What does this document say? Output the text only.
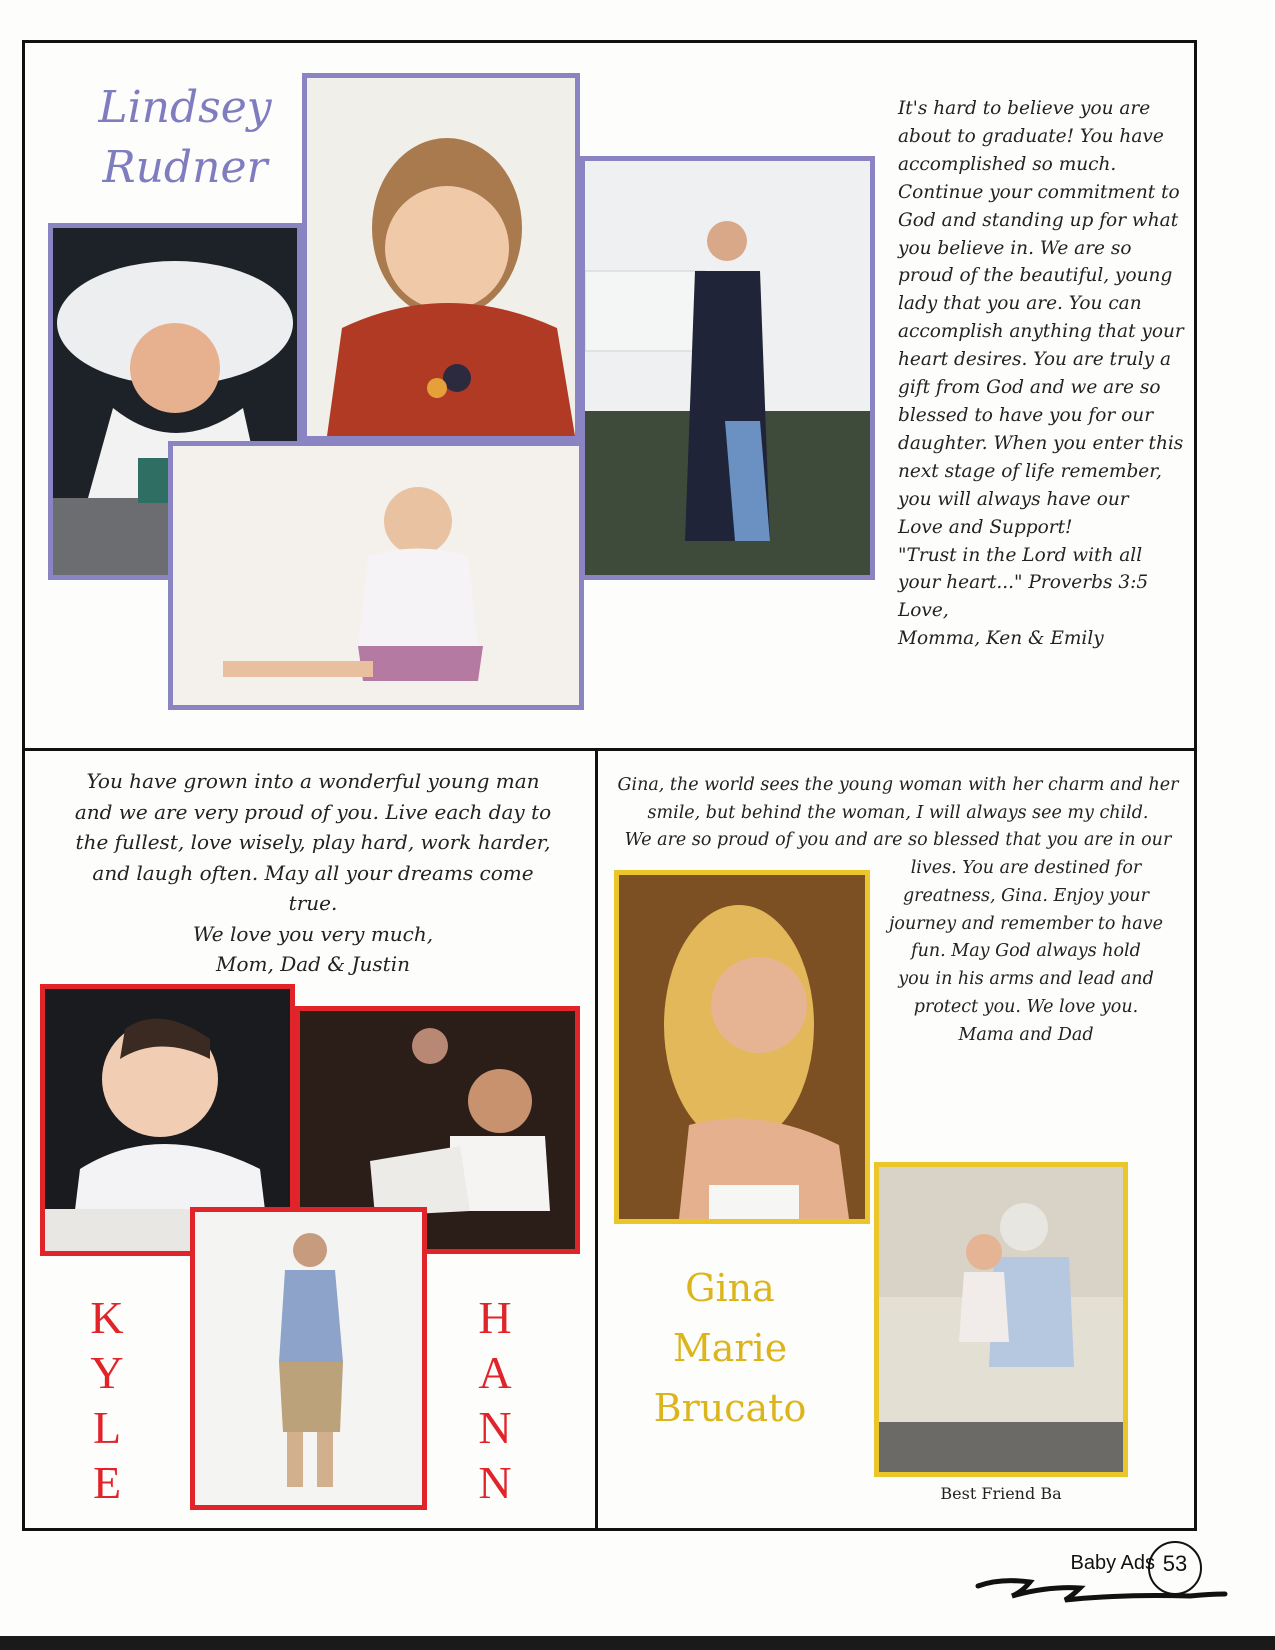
Lindsey
Rudner
It's hard to believe you are
about to graduate! You have
accomplished so much.
Continue your commitment to
God and standing up for what
you believe in. We are so
proud of the beautiful, young
lady that you are. You can
accomplish anything that your
heart desires. You are truly a
gift from God and we are so
blessed to have you for our
daughter. When you enter this
next stage of life remember,
you will always have our
Love and Support!
"Trust in the Lord with all
your heart..." Proverbs 3:5
Love,
Momma, Ken & Emily
You have grown into a wonderful young man
and we are very proud of you. Live each day to
the fullest, love wisely, play hard, work harder,
and laugh often. May all your dreams come
true.
We love you very much,
Mom, Dad & Justin
K
Y
L
E
H
A
N
N
Gina, the world sees the young woman with her charm and her
smile, but behind the woman, I will always see my child.
We are so proud of you and are so blessed that you are in our
lives. You are destined for
greatness, Gina. Enjoy your
journey and remember to have
fun. May God always hold
you in his arms and lead and
protect you. We love you.
Mama and Dad
Gina
Marie
Brucato
Best Friend Ba
Baby Ads 53
